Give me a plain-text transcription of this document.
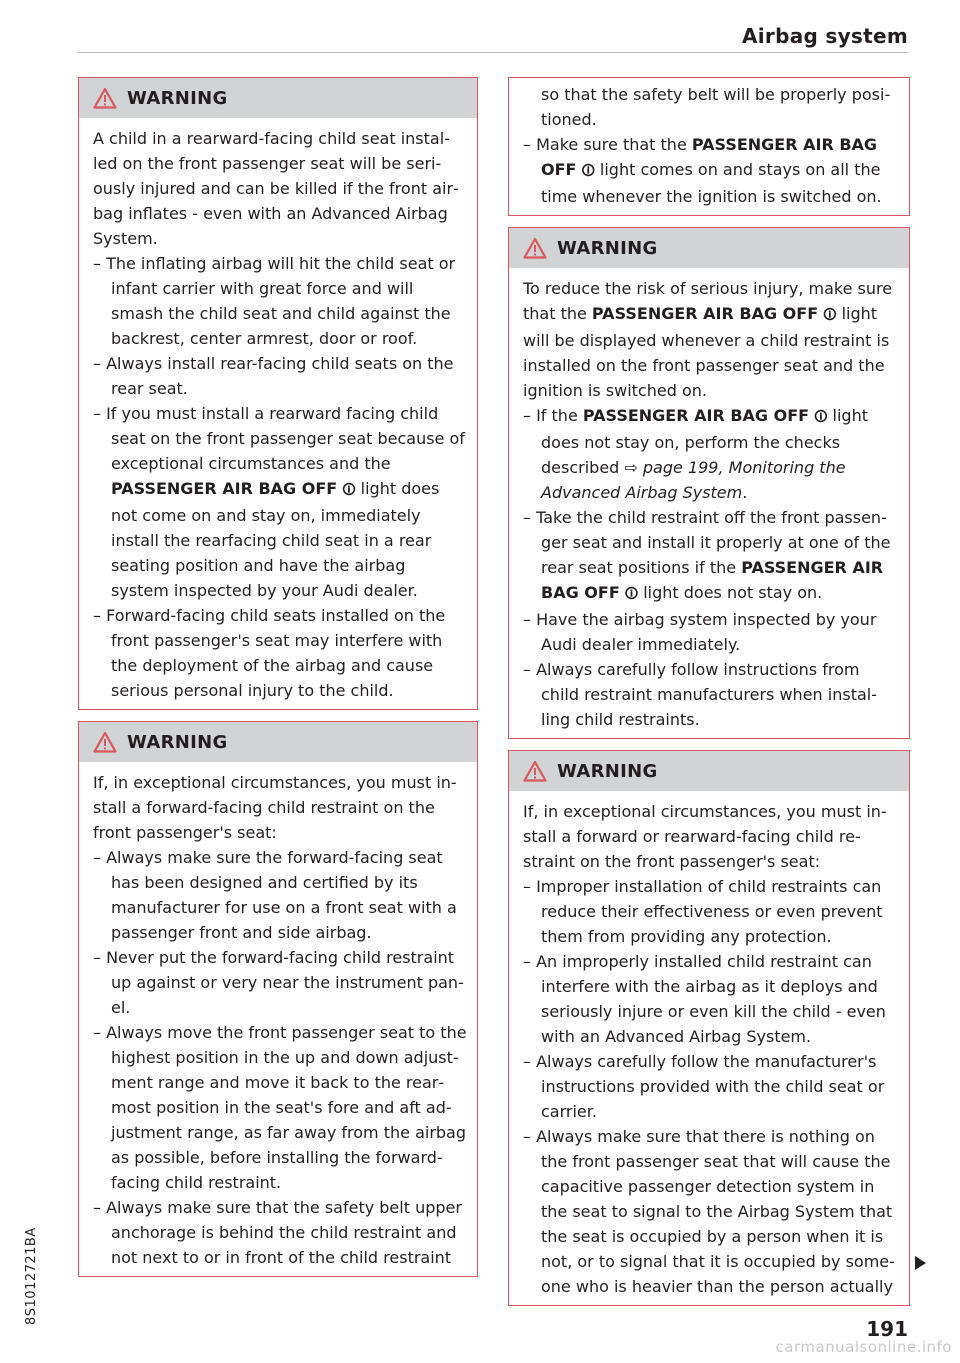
Airbag system
8S1012721BA
WARNING

A child in a rearward-facing child seat installed on the front passenger seat will be seriously injured and can be killed if the front airbag inflates - even with an Advanced Airbag System.

– The inflating airbag will hit the child seat or infant carrier with great force and will smash the child seat and child against the backrest, center armrest, door or roof.
– Always install rear-facing child seats on the rear seat.
– If you must install a rearward facing child seat on the front passenger seat because of exceptional circumstances and the PASSENGER AIR BAG OFF 🛈 light does not come on and stay on, immediately install the rearfacing child seat in a rear seating position and have the airbag system inspected by your Audi dealer.
– Forward-facing child seats installed on the front passenger's seat may interfere with the deployment of the airbag and cause serious personal injury to the child.
WARNING

If, in exceptional circumstances, you must install a forward-facing child restraint on the front passenger's seat:

– Always make sure the forward-facing seat has been designed and certified by its manufacturer for use on a front seat with a passenger front and side airbag.
– Never put the forward-facing child restraint up against or very near the instrument panel.
– Always move the front passenger seat to the highest position in the up and down adjustment range and move it back to the rearmost position in the seat's fore and aft adjustment range, as far away from the airbag as possible, before installing the forwardfacing child restraint.
– Always make sure that the safety belt upper anchorage is behind the child restraint and not next to or in front of the child restraint

so that the safety belt will be properly positioned.

– Make sure that the PASSENGER AIR BAG OFF 🛈 light comes on and stays on all the time whenever the ignition is switched on.
WARNING

To reduce the risk of serious injury, make sure that the PASSENGER AIR BAG OFF 🛈 light will be displayed whenever a child restraint is installed on the front passenger seat and the ignition is switched on.

– If the PASSENGER AIR BAG OFF 🛈 light does not stay on, perform the checks described ⇨ page 199, Monitoring the Advanced Airbag System.
– Take the child restraint off the front passenger seat and install it properly at one of the rear seat positions if the PASSENGER AIR BAG OFF 🛈 light does not stay on.
– Have the airbag system inspected by your Audi dealer immediately.
– Always carefully follow instructions from child restraint manufacturers when installing child restraints.
WARNING

If, in exceptional circumstances, you must install a forward or rearward-facing child restraint on the front passenger's seat:

– Improper installation of child restraints can reduce their effectiveness or even prevent them from providing any protection.
– An improperly installed child restraint can interfere with the airbag as it deploys and seriously injure or even kill the child - even with an Advanced Airbag System.
– Always carefully follow the manufacturer's instructions provided with the child seat or carrier.
– Always make sure that there is nothing on the front passenger seat that will cause the capacitive passenger detection system in the seat to signal to the Airbag System that the seat is occupied by a person when it is not, or to signal that it is occupied by someone who is heavier than the person actually
191
carmanualsonline.info
